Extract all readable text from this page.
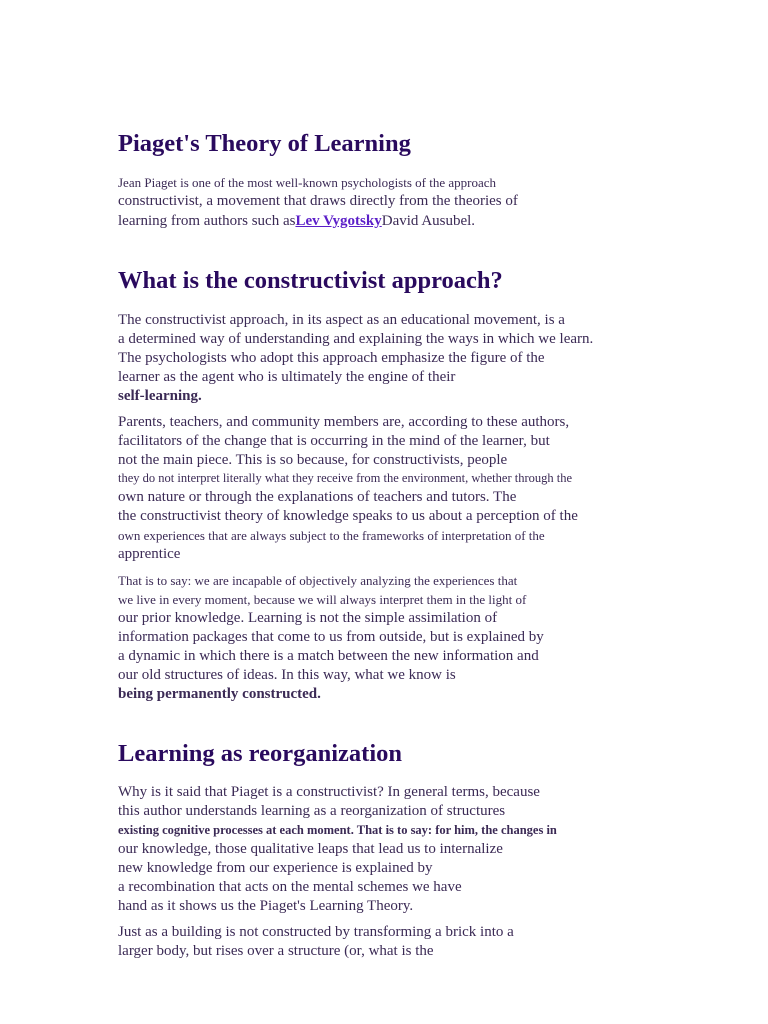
Piaget's Theory of Learning
Jean Piaget is one of the most well-known psychologists of the approach
constructivist, a movement that draws directly from the theories of
learning from authors such asLev VygotskyDavid Ausubel.
What is the constructivist approach?
The constructivist approach, in its aspect as an educational movement, is a
a determined way of understanding and explaining the ways in which we learn.
The psychologists who adopt this approach emphasize the figure of the
learner as the agent who is ultimately the engine of their
self-learning.
Parents, teachers, and community members are, according to these authors,
facilitators of the change that is occurring in the mind of the learner, but
not the main piece. This is so because, for constructivists, people
they do not interpret literally what they receive from the environment, whether through the
own nature or through the explanations of teachers and tutors. The
the constructivist theory of knowledge speaks to us about a perception of the
own experiences that are always subject to the frameworks of interpretation of the
apprentice
That is to say: we are incapable of objectively analyzing the experiences that
we live in every moment, because we will always interpret them in the light of
our prior knowledge. Learning is not the simple assimilation of
information packages that come to us from outside, but is explained by
a dynamic in which there is a match between the new information and
our old structures of ideas. In this way, what we know is
being permanently constructed.
Learning as reorganization
Why is it said that Piaget is a constructivist? In general terms, because
this author understands learning as a reorganization of structures
existing cognitive processes at each moment. That is to say: for him, the changes in
our knowledge, those qualitative leaps that lead us to internalize
new knowledge from our experience is explained by
a recombination that acts on the mental schemes we have
hand as it shows us the Piaget's Learning Theory.
Just as a building is not constructed by transforming a brick into a
larger body, but rises over a structure (or, what is the
